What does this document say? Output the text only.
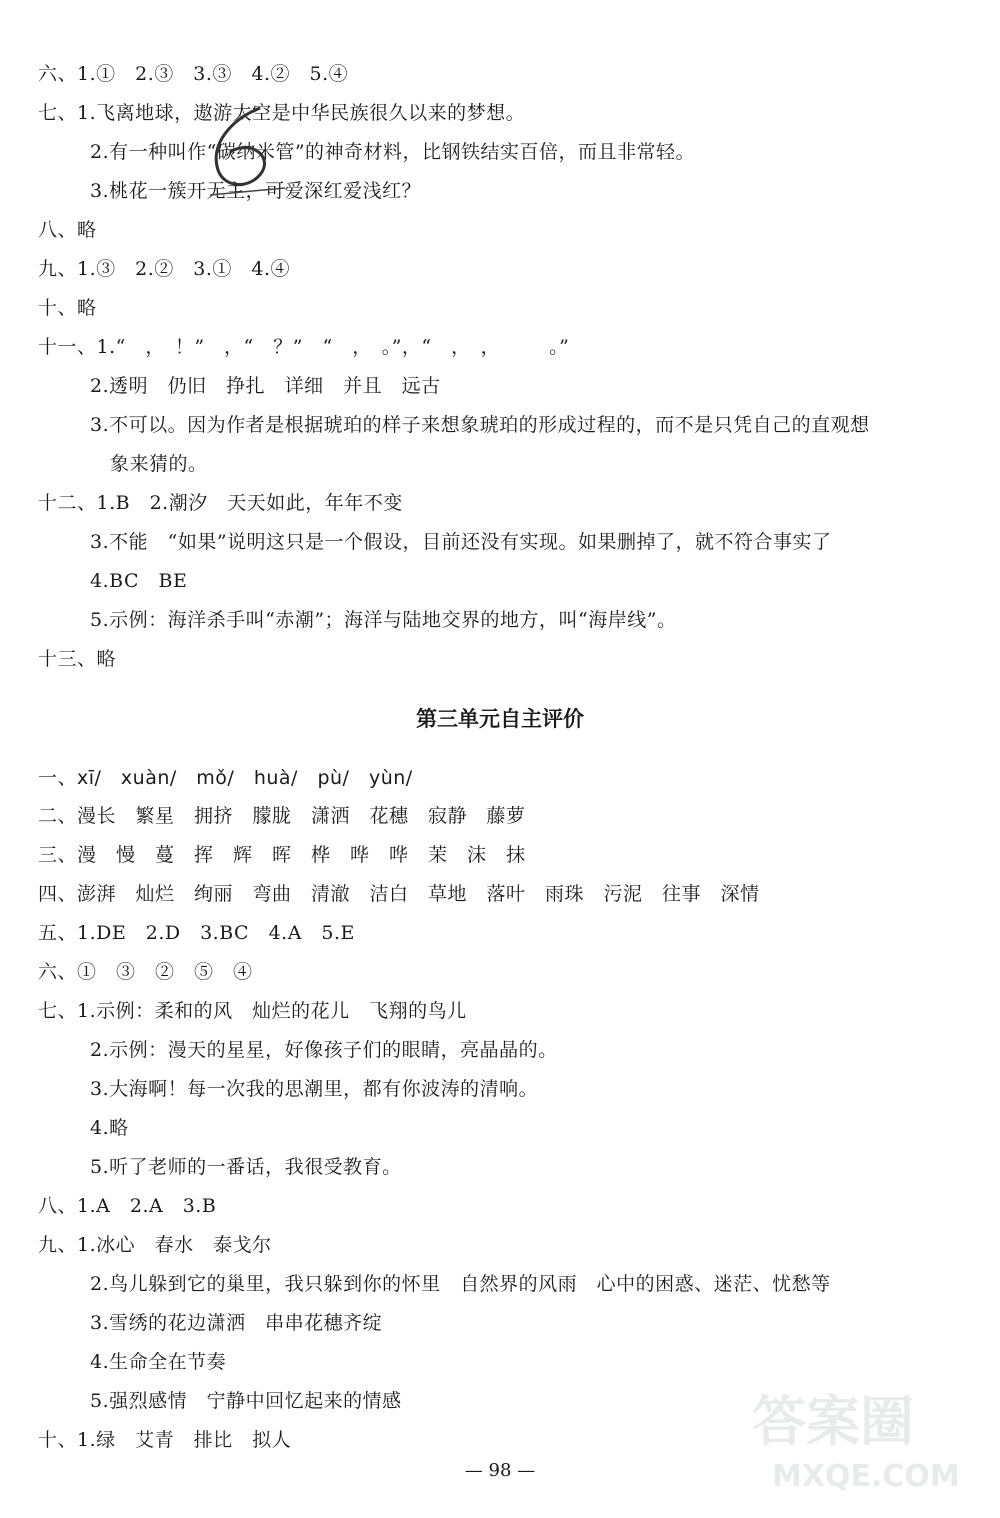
六、1.①　2.③　3.③　4.②　5.④
七、1.飞离地球，遨游太空是中华民族很久以来的梦想。
2.有一种叫作“碳纳米管”的神奇材料，比钢铁结实百倍，而且非常轻。
3.桃花一簇开无主，可爱深红爱浅红？
八、略
九、1.③　2.②　3.①　4.④
十、略
十一、1.“　，　！”　，“　？”　“　，　。”，“　，　，　　　。”
2.透明　仍旧　挣扎　详细　并且　远古
3.不可以。因为作者是根据琥珀的样子来想象琥珀的形成过程的，而不是只凭自己的直观想
象来猜的。
十二、1.B　2.潮汐　天天如此，年年不变
3.不能　“如果”说明这只是一个假设，目前还没有实现。如果删掉了，就不符合事实了
4.BC　BE
5.示例：海洋杀手叫“赤潮”；海洋与陆地交界的地方，叫“海岸线”。
十三、略
第三单元自主评价
一、xī/　xuàn/　mǒ/　huà/　pù/　yùn/
二、漫长　繁星　拥挤　朦胧　潇洒　花穗　寂静　藤萝
三、漫　慢　蔓　挥　辉　晖　桦　哗　哗　茉　沫　抹
四、澎湃　灿烂　绚丽　弯曲　清澈　洁白　草地　落叶　雨珠　污泥　往事　深情
五、1.DE　2.D　3.BC　4.A　5.E
六、①　③　②　⑤　④
七、1.示例：柔和的风　灿烂的花儿　飞翔的鸟儿
2.示例：漫天的星星，好像孩子们的眼睛，亮晶晶的。
3.大海啊！每一次我的思潮里，都有你波涛的清响。
4.略
5.听了老师的一番话，我很受教育。
八、1.A　2.A　3.B
九、1.冰心　春水　泰戈尔
2.鸟儿躲到它的巢里，我只躲到你的怀里　自然界的风雨　心中的困惑、迷茫、忧愁等
3.雪绣的花边潇洒　串串花穗齐绽
4.生命全在节奏
5.强烈感情　宁静中回忆起来的情感
十、1.绿　艾青　排比　拟人
— 98 —
答案圈
MXQE.COM
